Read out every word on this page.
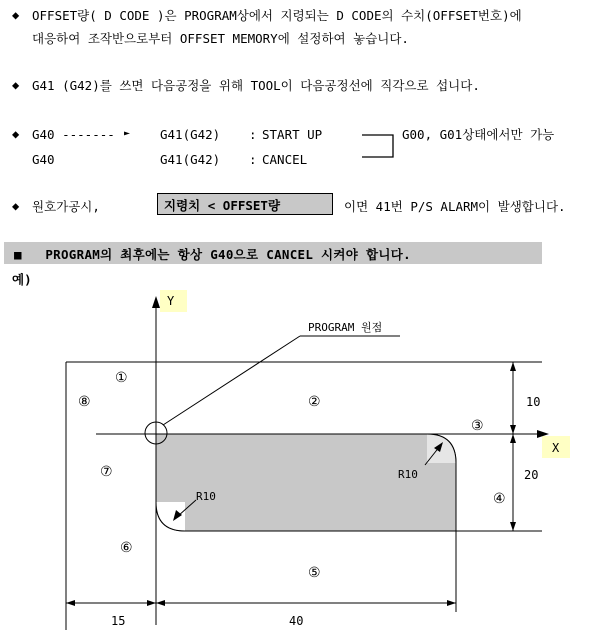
◆ OFFSET량( D CODE )은 PROGRAM상에서 지령되는 D CODE의 수치(OFFSET번호)에
대응하여 조작반으로부터 OFFSET MEMORY에 설정하여 놓습니다.
◆ G41 (G42)를 쓰면 다음공정을 위해 TOOL이 다음공정선에 직각으로 섭니다.
◆ G40 ------- ► G41(G42) : START UP
G40	G41(G42) : CANCEL
G00, G01상태에서만 가능
◆ 원호가공시,	지령치 < OFFSET량	이면 41번 P/S ALARM이 발생합니다.
■ PROGRAM의 최후에는 항상 G40으로 CANCEL 시켜야 합니다.
예)
Y
X
PROGRAM 원점
R10
R10
10
20
15	40
①
②
③
④
⑤
⑥
⑦
⑧
